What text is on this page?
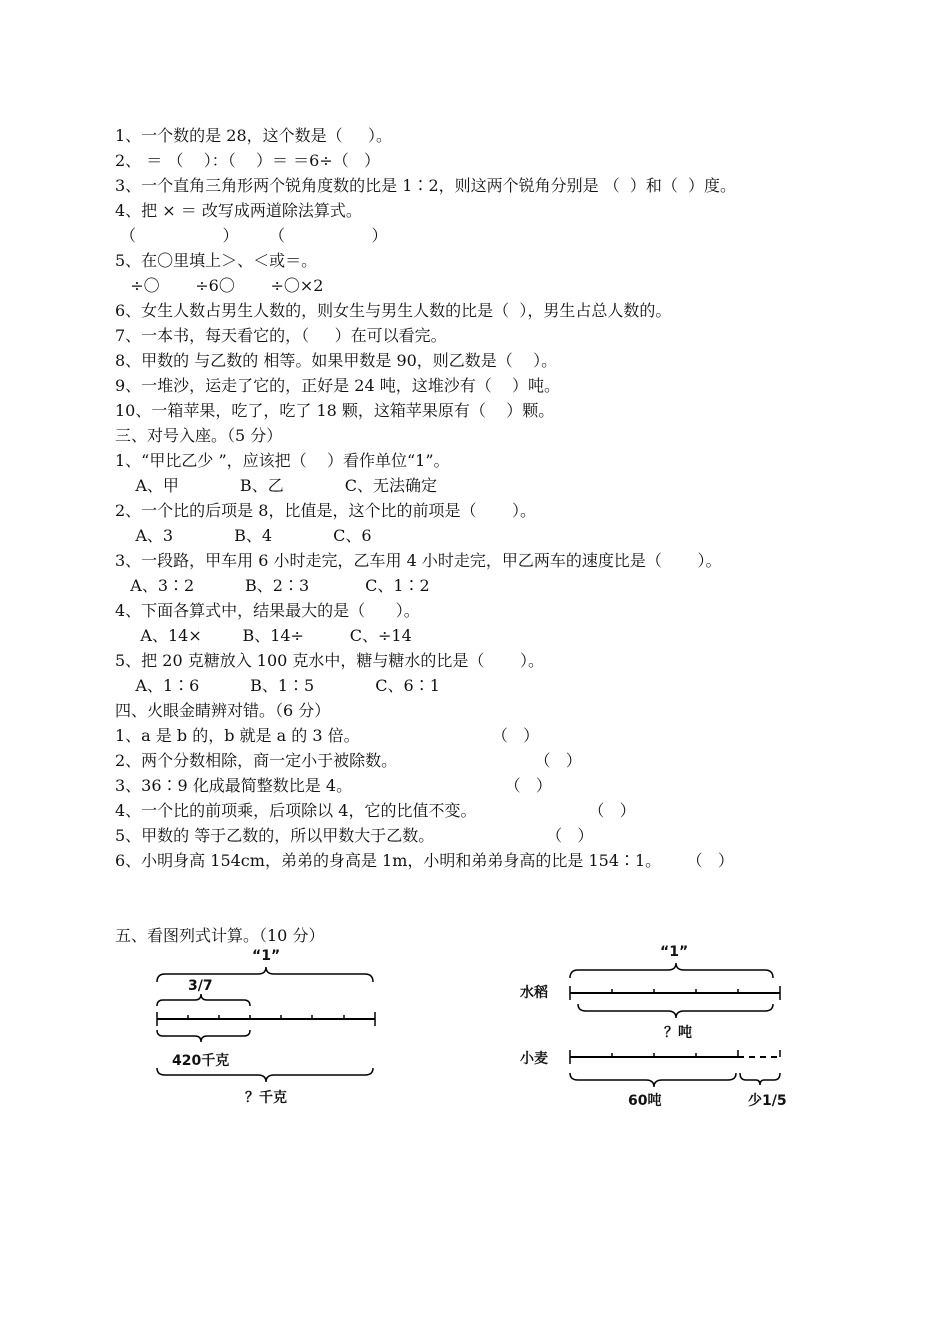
1、一个数的是 28，这个数是（     ）。
2、 ＝ （    ）：（    ）＝ ＝6÷（   ）
3、一个直角三角形两个锐角度数的比是 1∶2，则这两个锐角分别是 （  ）和（  ）度。
4、把 × ＝ 改写成两道除法算式。
（                 ）      （                 ）
5、在〇里填上＞、＜或＝。
÷〇       ÷6〇       ÷〇×2
6、女生人数占男生人数的，则女生与男生人数的比是（  ），男生占总人数的。
7、一本书，每天看它的，（     ）在可以看完。
8、甲数的 与乙数的 相等。如果甲数是 90，则乙数是（    ）。
9、一堆沙，运走了它的，正好是 24 吨，这堆沙有（    ）吨。
10、一箱苹果，吃了，吃了 18 颗，这箱苹果原有（    ）颗。
三、对号入座。（5 分）
1、“甲比乙少 ”，应该把（    ）看作单位“1”。
A、甲            B、乙            C、无法确定
2、一个比的后项是 8，比值是，这个比的前项是（       ）。
A、3            B、4            C、6
3、一段路，甲车用 6 小时走完，乙车用 4 小时走完，甲乙两车的速度比是（       ）。
A、3∶2          B、2∶3           C、1∶2
4、下面各算式中，结果最大的是（      ）。
A、14×        B、14÷         C、÷14
5、把 20 克糖放入 100 克水中，糖与糖水的比是（       ）。
A、1∶6          B、1∶5            C、6∶1
四、火眼金睛辨对错。（6 分）
1、a 是 b 的，b 就是 a 的 3 倍。                          （   ）
2、两个分数相除，商一定小于被除数。                           （   ）
3、36∶9 化成最简整数比是 4。                              （   ）
4、一个比的前项乘，后项除以 4，它的比值不变。                      （   ）
5、甲数的 等于乙数的，所以甲数大于乙数。                      （   ）
6、小明身高 154cm，弟弟的身高是 1m，小明和弟弟身高的比是 154∶1。     （   ）
五、看图列式计算。（10 分）
“1”
3/7
420千克
？千克
“1”
水稻
？吨
小麦
60吨	少1/5
